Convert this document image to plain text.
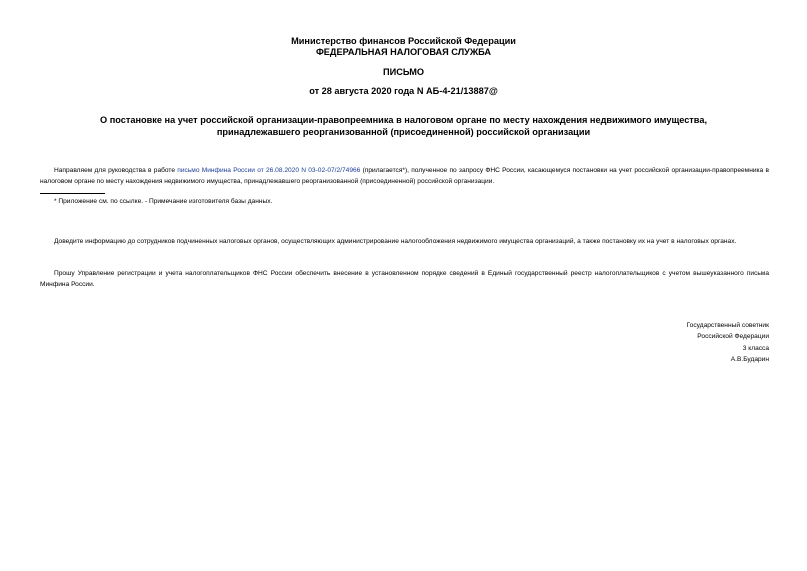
Министерство финансов Российской Федерации
ФЕДЕРАЛЬНАЯ НАЛОГОВАЯ СЛУЖБА
ПИСЬМО
от 28 августа 2020 года N АБ-4-21/13887@
О постановке на учет российской организации-правопреемника в налоговом органе по месту нахождения недвижимого имущества, принадлежавшего реорганизованной (присоединенной) российской организации
Направляем для руководства в работе письмо Минфина России от 26.08.2020 N 03-02-07/2/74966 (прилагается*), полученное по запросу ФНС России, касающемуся постановки на учет российской организации-правопреемника в налоговом органе по месту нахождения недвижимого имущества, принадлежавшего реорганизованной (присоединенной) российской организации.
* Приложение см. по ссылке. - Примечание изготовителя базы данных.
Доведите информацию до сотрудников подчиненных налоговых органов, осуществляющих администрирование налогообложения недвижимого имущества организаций, а также постановку их на учет в налоговых органах.
Прошу Управление регистрации и учета налогоплательщиков ФНС России обеспечить внесение в установленном порядке сведений в Единый государственный реестр налогоплательщиков с учетом вышеуказанного письма Минфина России.
Государственный советник
Российской Федерации
3 класса
А.В.Бударин
